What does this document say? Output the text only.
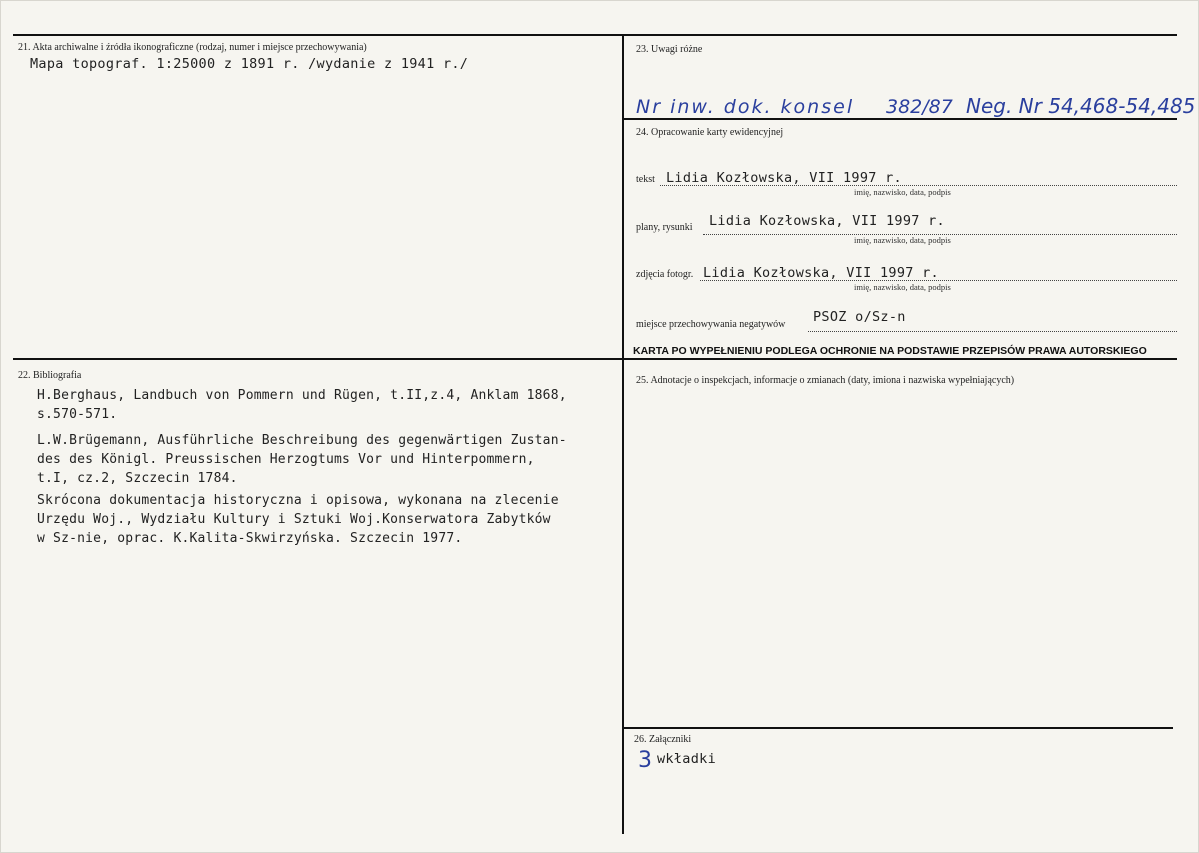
21. Akta archiwalne i źródła ikonograficzne (rodzaj, numer i miejsce przechowywania)
Mapa topograf. 1:25000 z 1891 r. /wydanie z 1941 r./
22. Bibliografia
H.Berghaus, Landbuch von Pommern und Rügen, t.II,z.4, Anklam 1868,
s.570-571.
L.W.Brügemann, Ausführliche Beschreibung des gegenwärtigen Zustan-
des des Königl. Preussischen Herzogtums Vor und Hinterpommern,
t.I, cz.2, Szczecin 1784.
Skrócona dokumentacja historyczna i opisowa, wykonana na zlecenie
Urzędu Woj., Wydziału Kultury i Sztuki Woj.Konserwatora Zabytków
w Sz-nie, oprac. K.Kalita-Skwirzyńska. Szczecin 1977.
23. Uwagi różne
Nr inw. dok. konsel 382/87 Neg. Nr 54,468-54,485
24. Opracowanie karty ewidencyjnej
tekst Lidia Kozłowska, VII 1997 r.
imię, nazwisko, data, podpis
plany, rysunki Lidia Kozłowska, VII 1997 r.
imię, nazwisko, data, podpis
zdjęcia fotogr. Lidia Kozłowska, VII 1997 r.
imię, nazwisko, data, podpis
miejsce przechowywania negatywów PSOZ o/Sz-n
KARTA PO WYPEŁNIENIU PODLEGA OCHRONIE NA PODSTAWIE PRZEPISÓW PRAWA AUTORSKIEGO
25. Adnotacje o inspekcjach, informacje o zmianach (daty, imiona i nazwiska wypełniających)
26. Załączniki
3 wkładki
